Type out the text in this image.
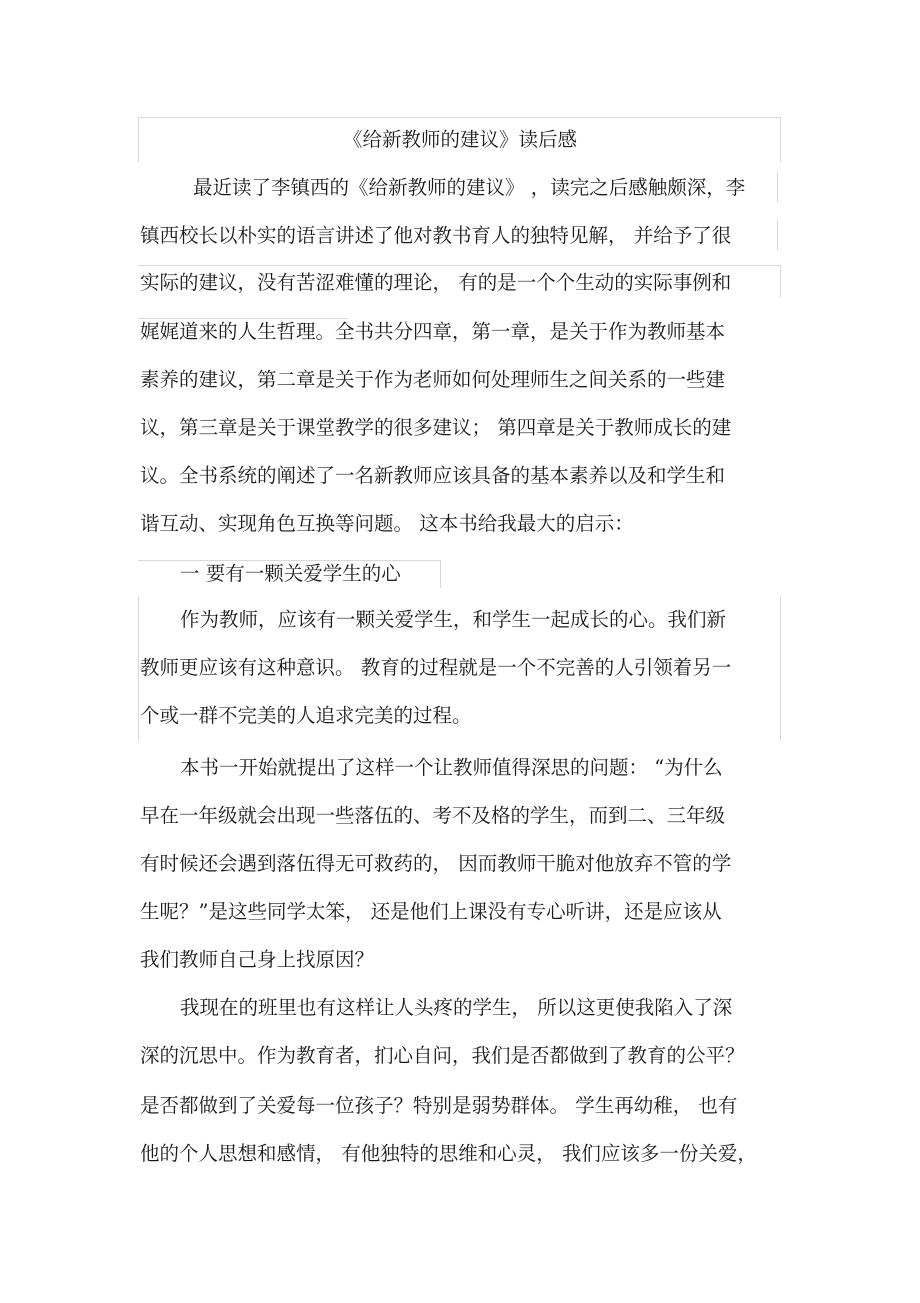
《给新教师的建议》读后感
最近读了李镇西的《给新教师的建议》 ，读完之后感触颇深，李
镇西校长以朴实的语言讲述了他对教书育人的独特见解， 并给予了很
实际的建议，没有苦涩难懂的理论， 有的是一个个生动的实际事例和
娓娓道来的人生哲理。全书共分四章，第一章，是关于作为教师基本
素养的建议，第二章是关于作为老师如何处理师生之间关系的一些建
议，第三章是关于课堂教学的很多建议； 第四章是关于教师成长的建
议。全书系统的阐述了一名新教师应该具备的基本素养以及和学生和
谐互动、实现角色互换等问题。 这本书给我最大的启示：
一 要有一颗关爱学生的心
作为教师，应该有一颗关爱学生，和学生一起成长的心。我们新
教师更应该有这种意识。 教育的过程就是一个不完善的人引领着另一
个或一群不完美的人追求完美的过程。
本书一开始就提出了这样一个让教师值得深思的问题： “为什么
早在一年级就会出现一些落伍的、考不及格的学生，而到二、三年级
有时候还会遇到落伍得无可救药的， 因而教师干脆对他放弃不管的学
生呢？”是这些同学太笨， 还是他们上课没有专心听讲，还是应该从
我们教师自己身上找原因？
我现在的班里也有这样让人头疼的学生， 所以这更使我陷入了深
深的沉思中。作为教育者，扪心自问，我们是否都做到了教育的公平？
是否都做到了关爱每一位孩子？特别是弱势群体。 学生再幼稚， 也有
他的个人思想和感情， 有他独特的思维和心灵， 我们应该多一份关爱，
